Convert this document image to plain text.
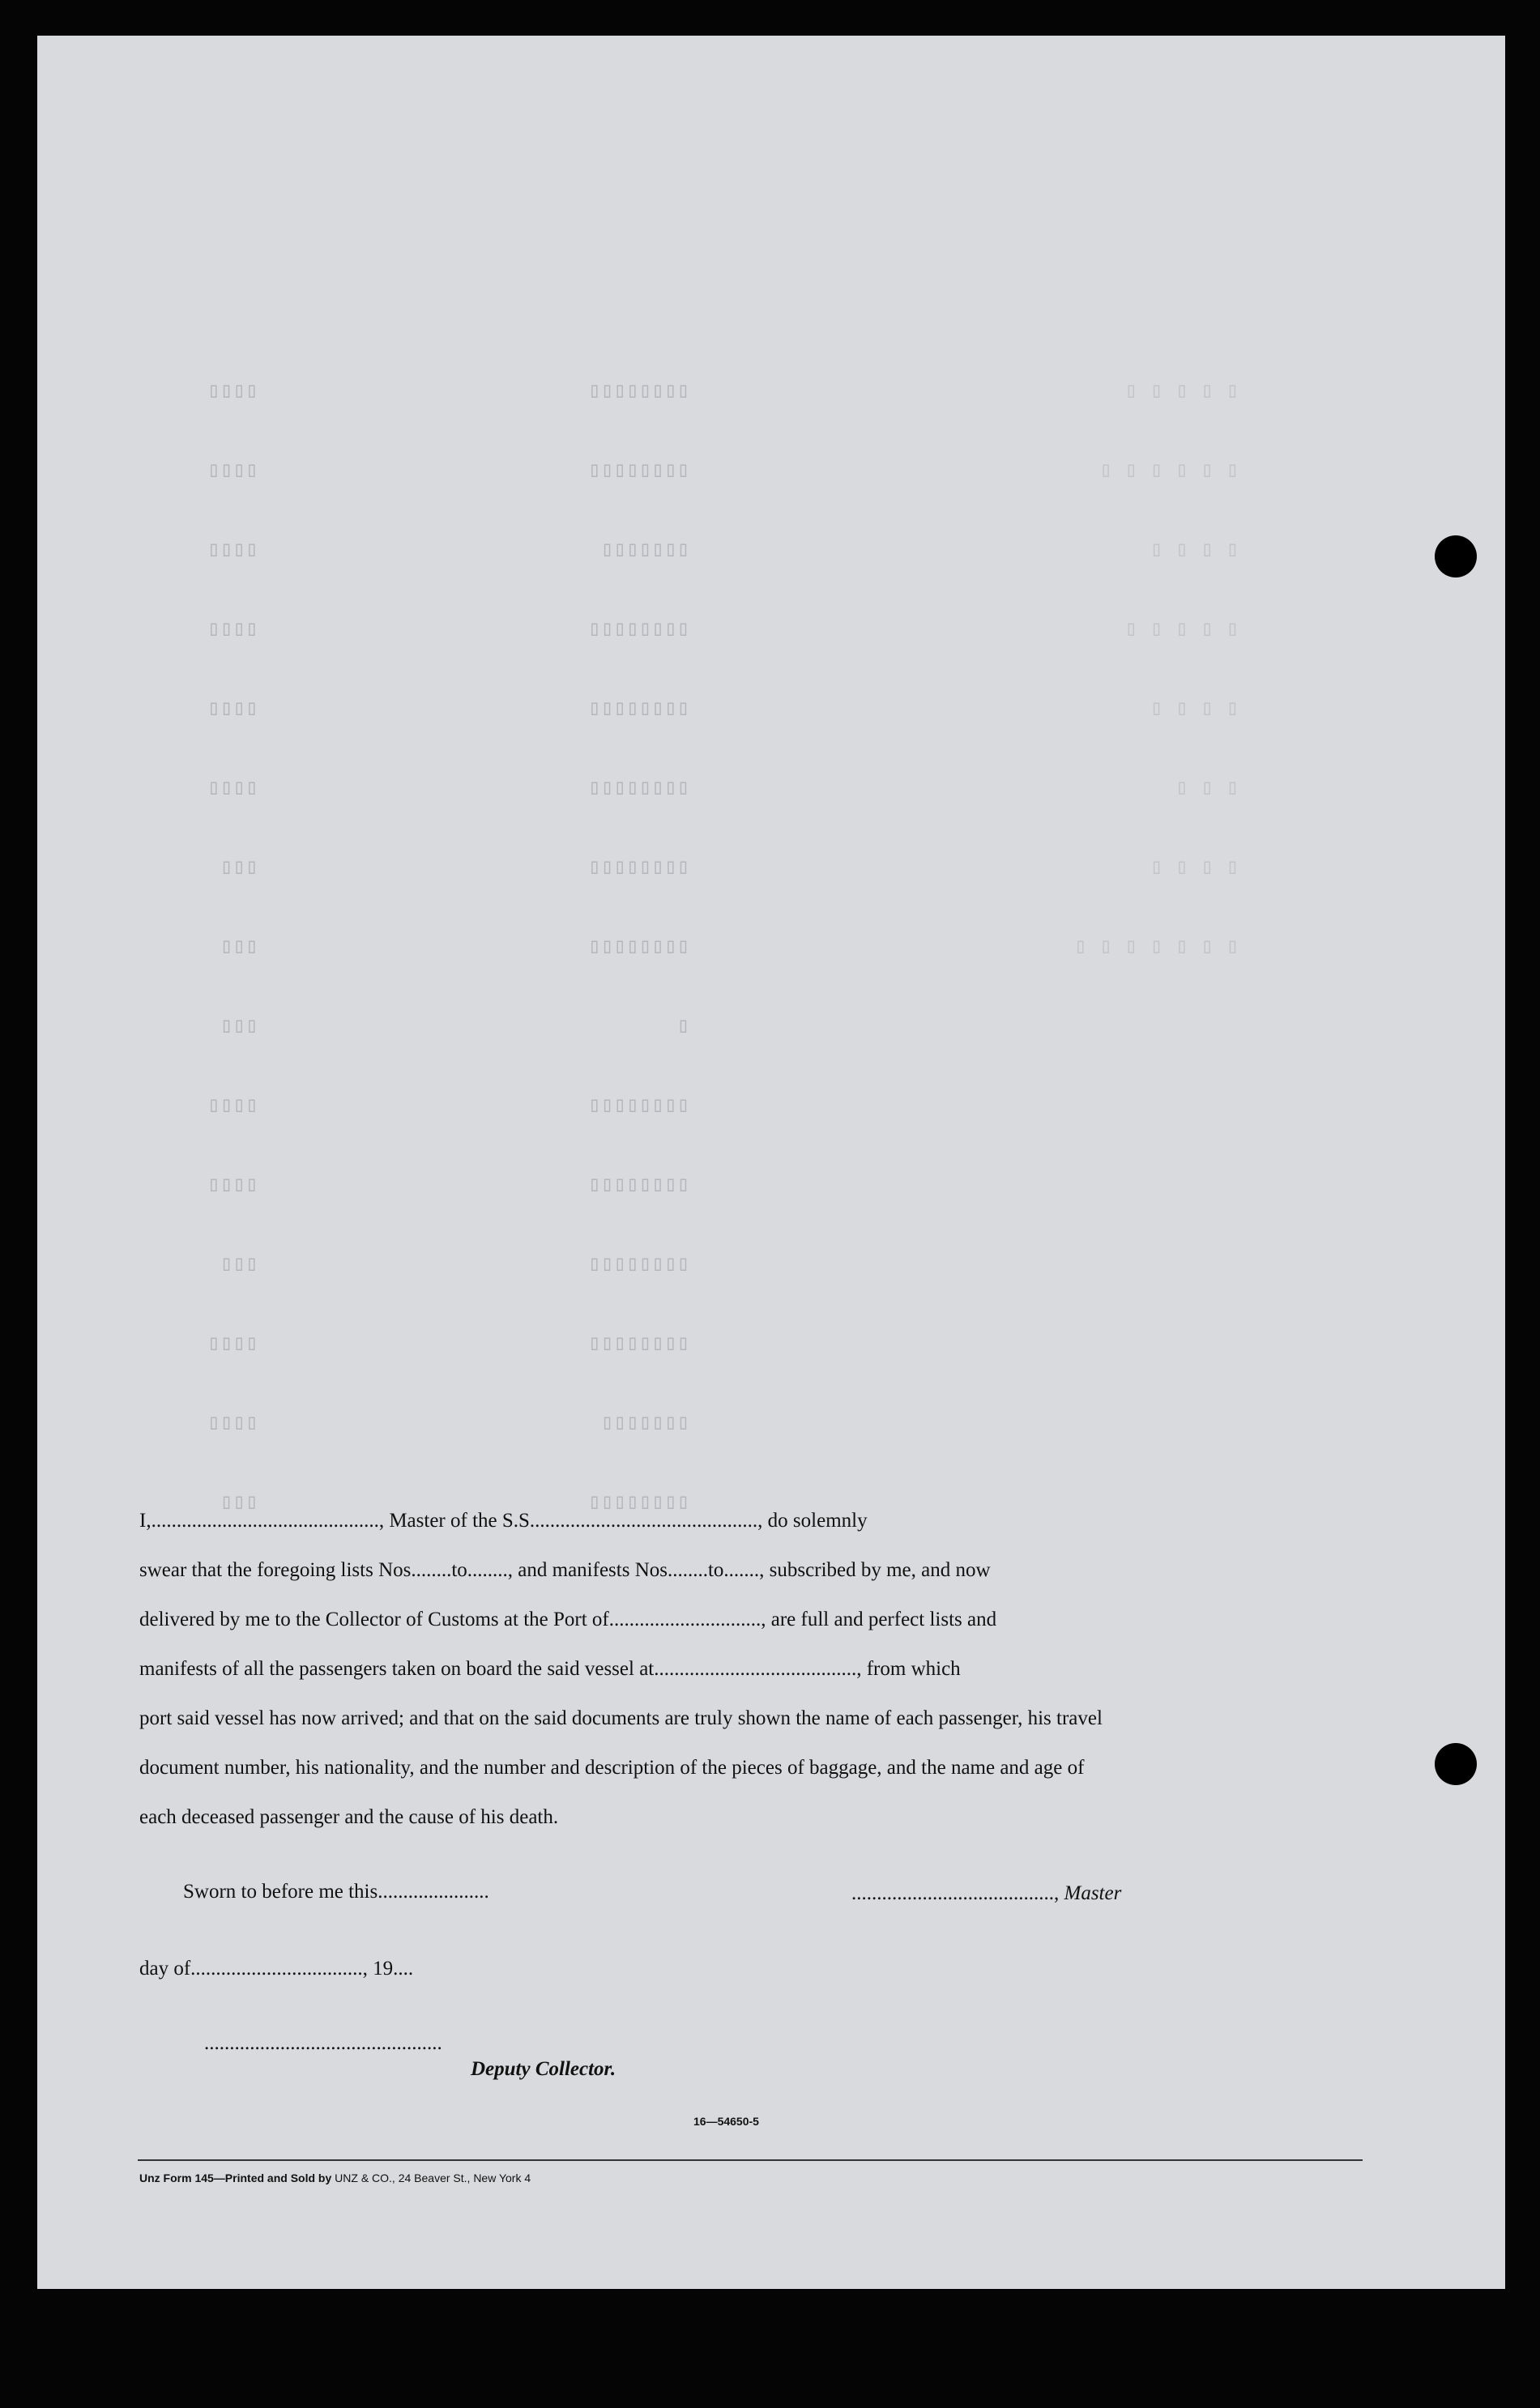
▯▯▯▯
▯▯▯▯
▯▯▯▯
▯▯▯▯
▯▯▯▯
▯▯▯▯
▯▯▯
▯▯▯
▯▯▯
▯▯▯▯
▯▯▯▯
▯▯▯
▯▯▯▯
▯▯▯▯
▯▯▯
▯▯▯▯▯▯▯▯
▯▯▯▯▯▯▯▯
▯▯▯▯▯▯▯
▯▯▯▯▯▯▯▯
▯▯▯▯▯▯▯▯
▯▯▯▯▯▯▯▯
▯▯▯▯▯▯▯▯
▯▯▯▯▯▯▯▯
▯
▯▯▯▯▯▯▯▯
▯▯▯▯▯▯▯▯
▯▯▯▯▯▯▯▯
▯▯▯▯▯▯▯▯
▯▯▯▯▯▯▯
▯▯▯▯▯▯▯▯
▯ ▯ ▯ ▯ ▯
▯ ▯ ▯ ▯ ▯ ▯
▯ ▯ ▯ ▯
▯ ▯ ▯ ▯ ▯
▯ ▯ ▯ ▯
▯ ▯ ▯
▯ ▯ ▯ ▯
▯ ▯ ▯ ▯ ▯ ▯ ▯

I,............................................., Master of the S.S............................................., do solemnly

swear that the foregoing lists Nos........to........, and manifests Nos........to......., subscribed by me, and now

delivered by me to the Collector of Customs at the Port of.............................., are full and perfect lists and

manifests of all the passengers taken on board the said vessel at........................................, from which

port said vessel has now arrived; and that on the said documents are truly shown the name of each passenger, his travel

document number, his nationality, and the number and description of the pieces of baggage, and the name and age of

each deceased passenger and the cause of his death.

Sworn to before me this......................	........................................, Master
day of.................................., 19....
...............................................
Deputy Collector.
16—54650-5
Unz Form 145—Printed and Sold by UNZ & CO., 24 Beaver St., New York 4
